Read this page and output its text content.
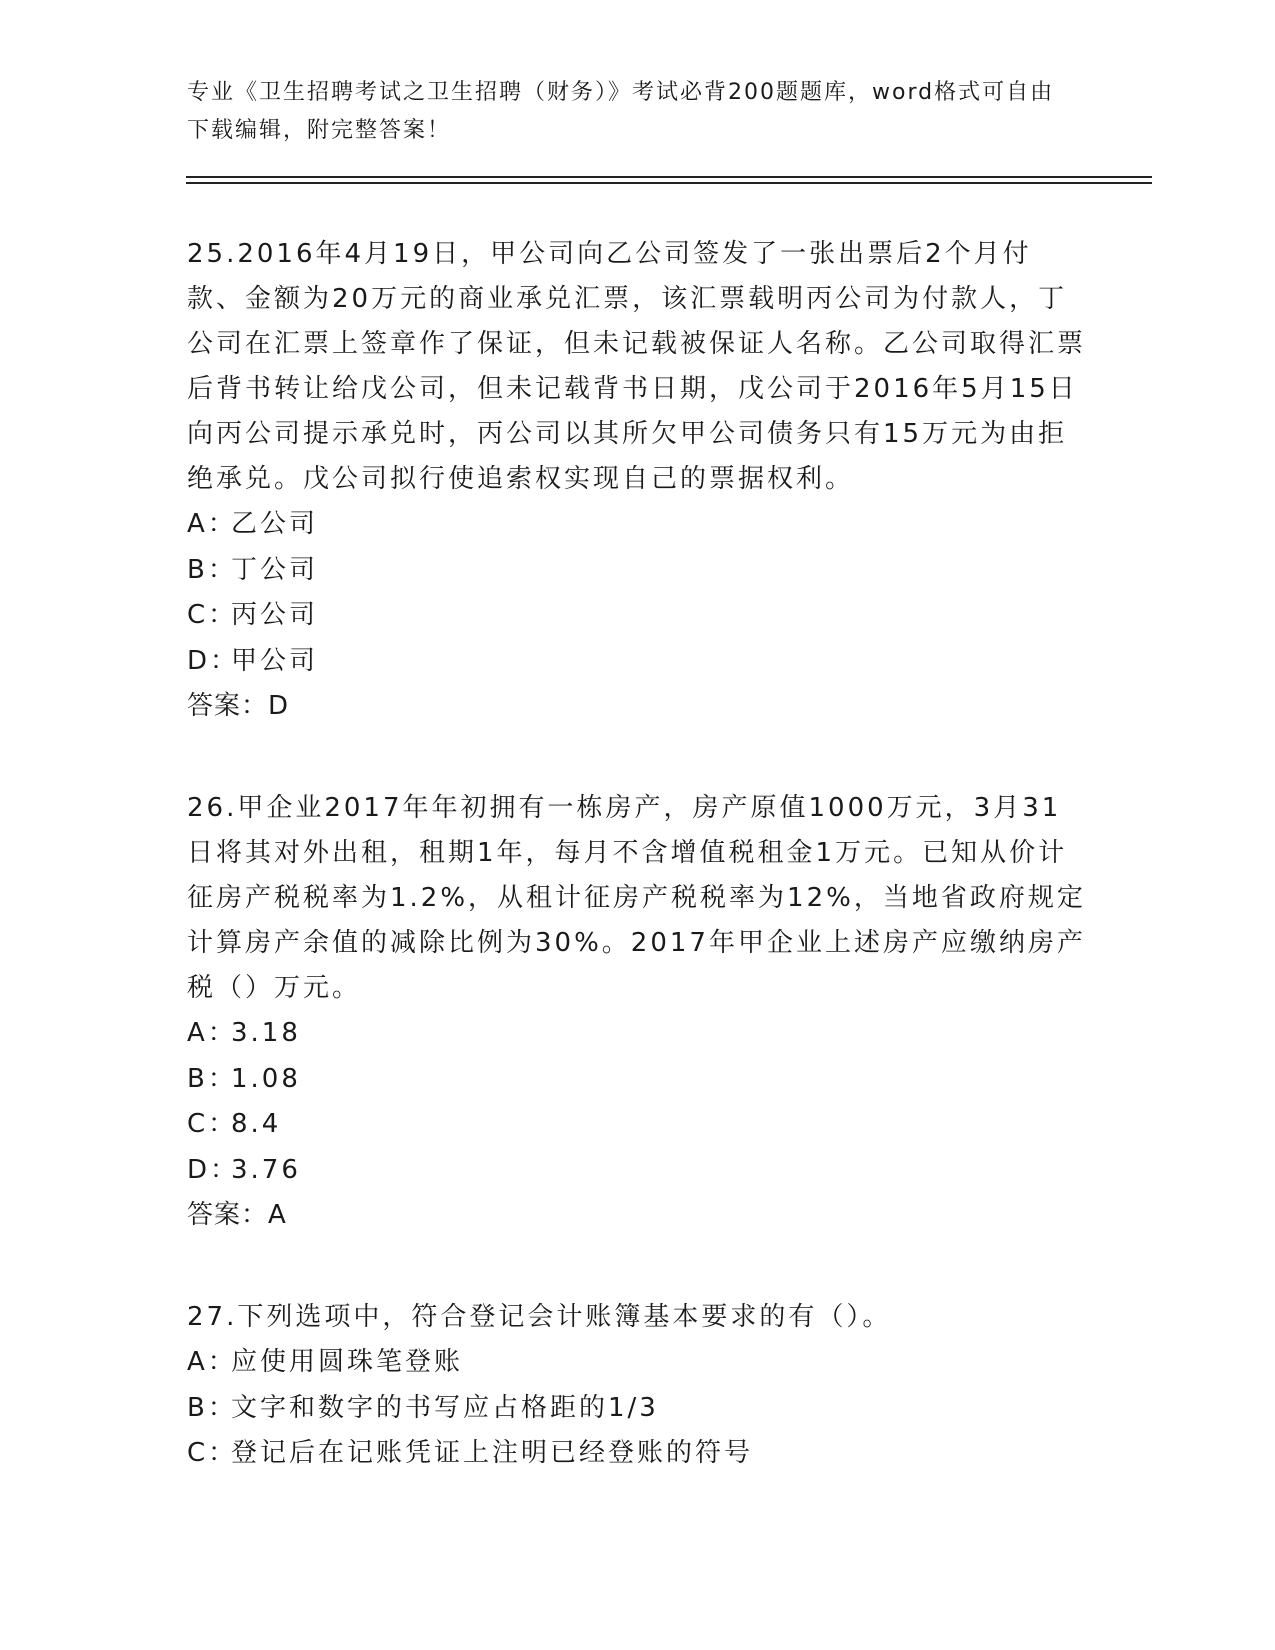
专业《卫生招聘考试之卫生招聘（财务）》考试必背200题题库，word格式可自由下载编辑，附完整答案！

25.2016年4月19日，甲公司向乙公司签发了一张出票后2个月付款、金额为20万元的商业承兑汇票，该汇票载明丙公司为付款人，丁公司在汇票上签章作了保证，但未记载被保证人名称。乙公司取得汇票后背书转让给戊公司，但未记载背书日期，戊公司于2016年5月15日向丙公司提示承兑时，丙公司以其所欠甲公司债务只有15万元为由拒绝承兑。戊公司拟行使追索权实现自己的票据权利。

A：乙公司

B：丁公司

C：丙公司

D：甲公司

答案：D

26.甲企业2017年年初拥有一栋房产，房产原值1000万元，3月31日将其对外出租，租期1年，每月不含增值税租金1万元。已知从价计征房产税税率为1.2%，从租计征房产税税率为12%，当地省政府规定计算房产余值的减除比例为30%。2017年甲企业上述房产应缴纳房产税（）万元。

A：3.18

B：1.08

C：8.4

D：3.76

答案：A

27.下列选项中，符合登记会计账簿基本要求的有（）。

A：应使用圆珠笔登账

B：文字和数字的书写应占格距的1/3

C：登记后在记账凭证上注明已经登账的符号
